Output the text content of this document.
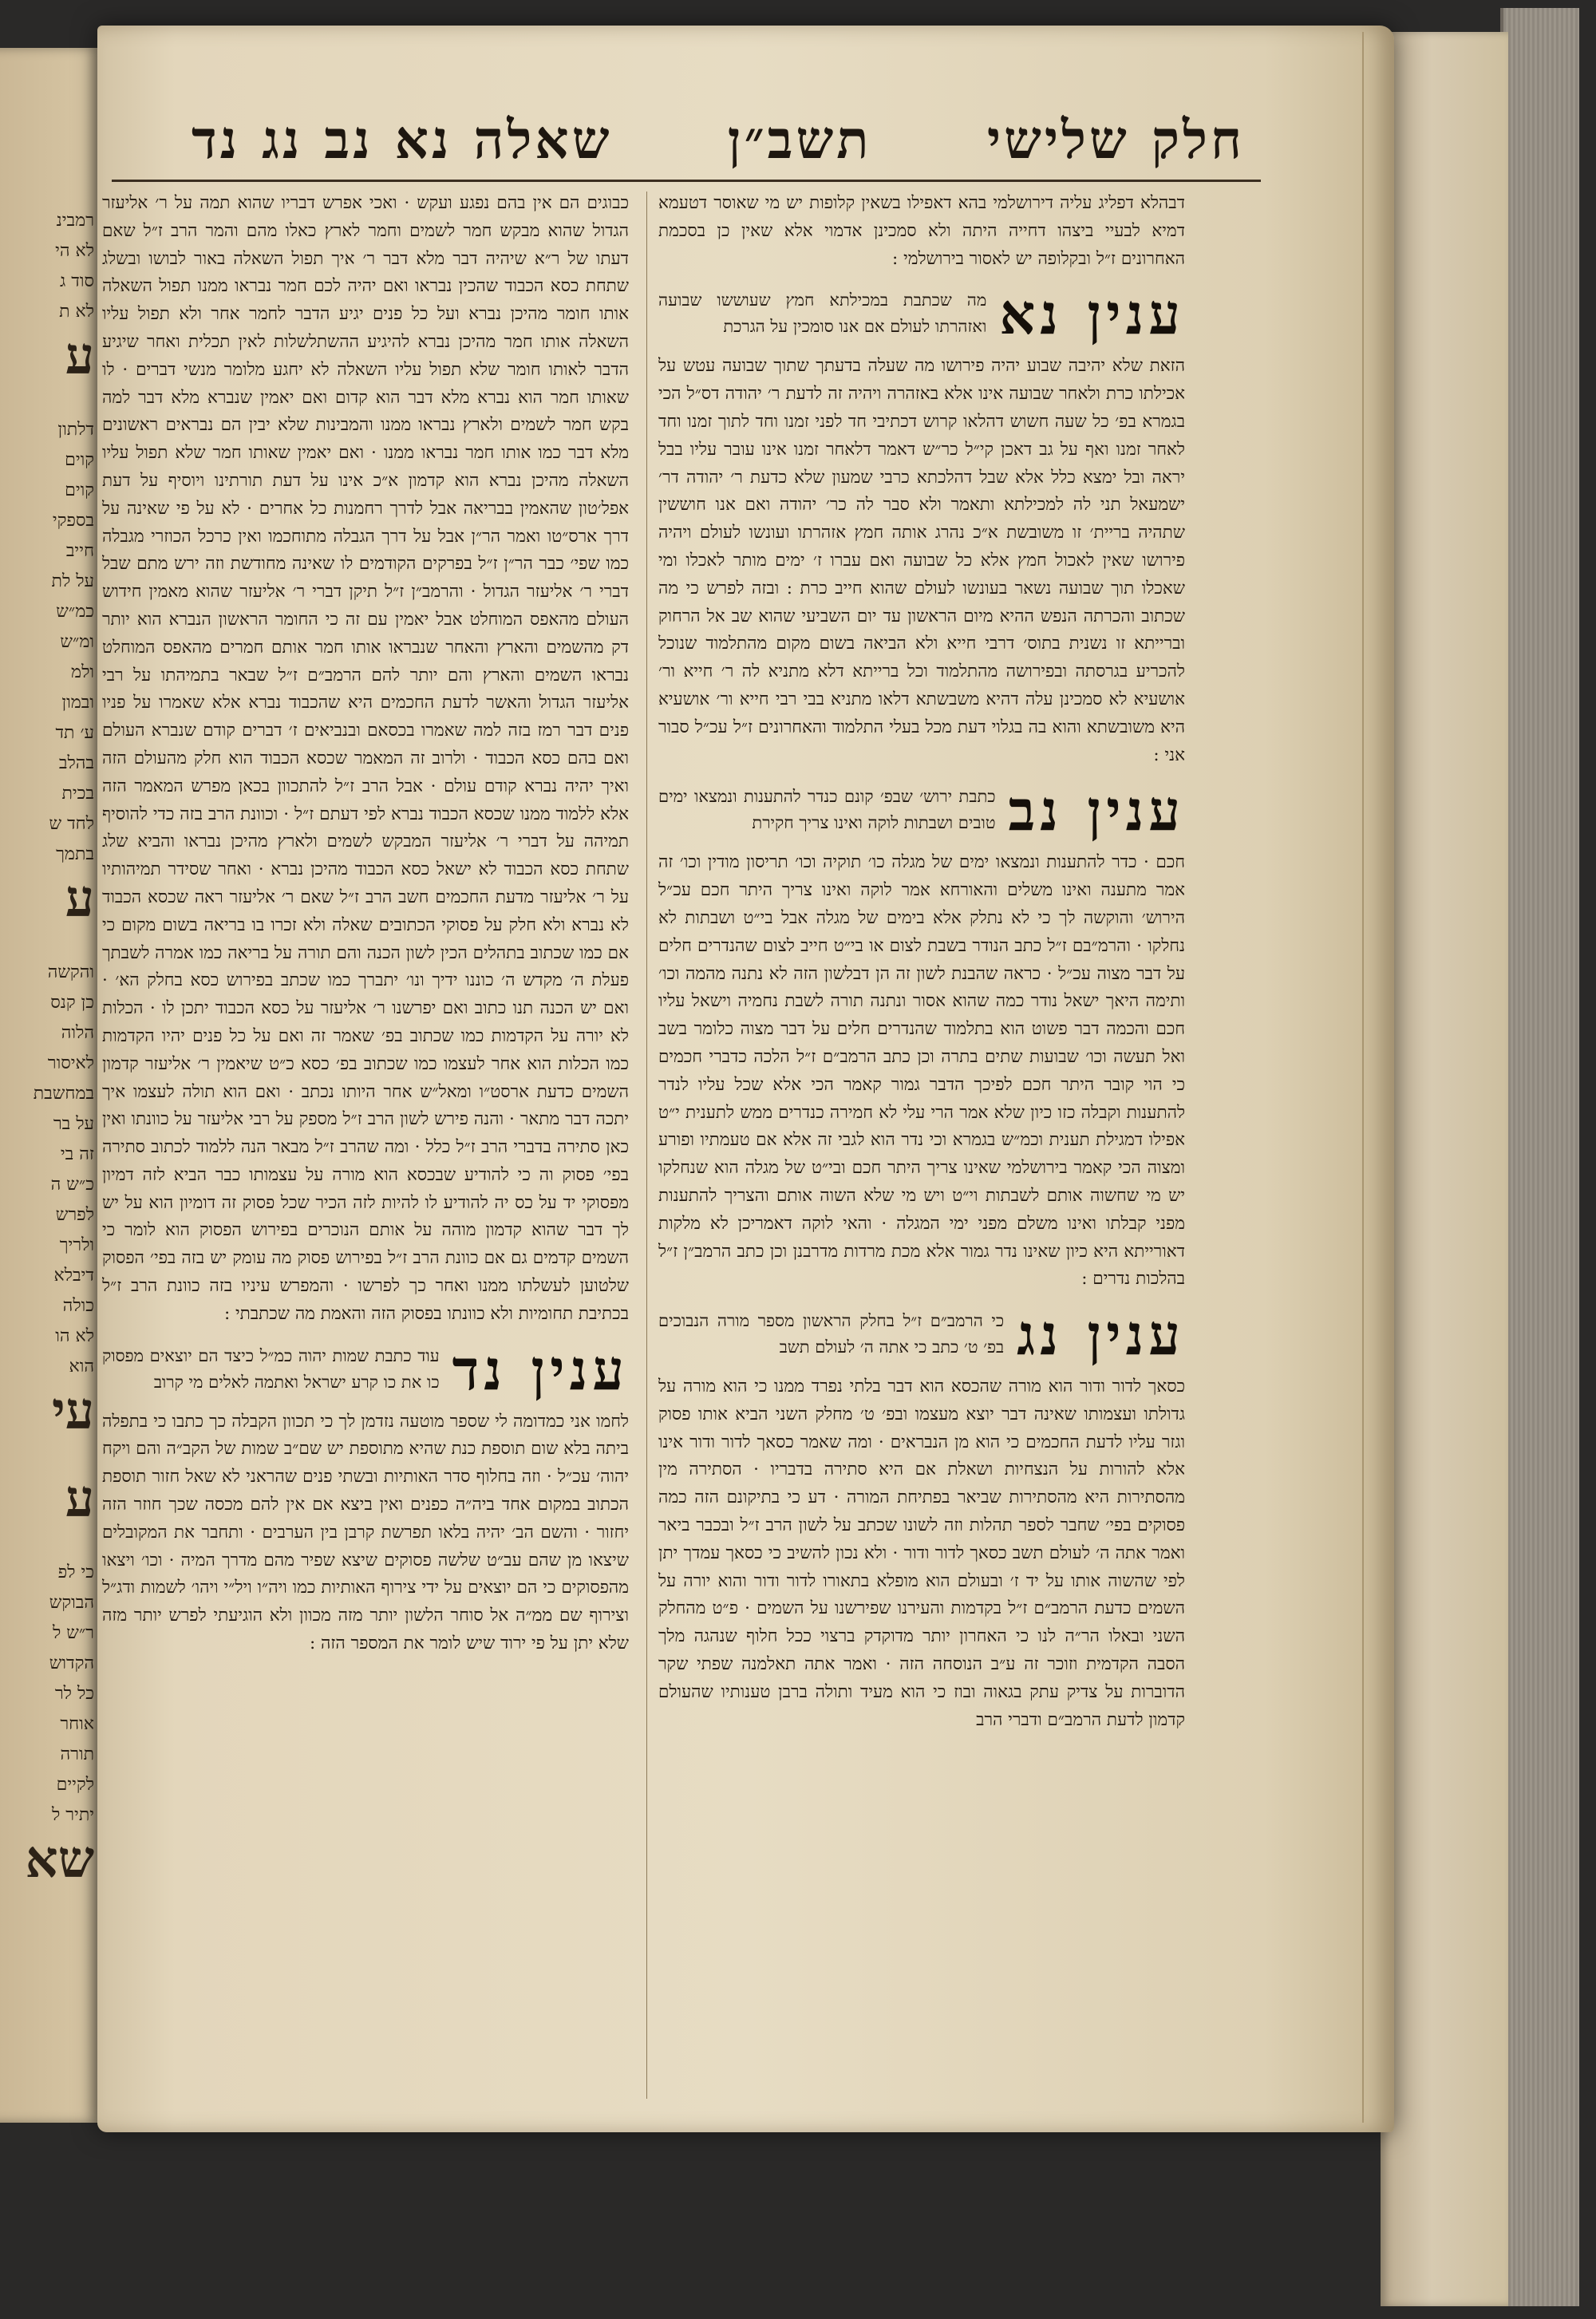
רמבינ
לא הי
סוד ג
לא ת
ע
דלתון
קוים
קוים
בספקי
חייב
על לת
כמ״ש
ומ״ש
ולמ
ובמון
ע׳ תד
בהלב
בכית
לחד ש
בתמך
ע
והקשה
כן קנס
הלוה
לאיסור
במחשבת
על בר
זה בי
כ״ש ה
לפרש
ולריך
דיבלא
כולה
לא הו
הוא
עי
ע
כי לפ
הבוקש
ר״ש ל
הקדוש
כל לר
אוחר
תורה
לקיים
יתיר ל
שא
חלק שלישי
תשב״ן
שאלה נא נב נג נד

דבהלא דפליג עליה דירושלמי בהא דאפילו בשאין קלופות יש מי שאוסר דטעמא דמיא לבעיי ביצהו דחייה היתה ולא סמכינן אדמוי אלא שאין כן בסכמת האחרונים ז״ל ובקלופה יש לאסור בירושלמי :

ענין נא
מה שכתבת במכילתא חמץ שעוששו שבועה ואזהרתו לעולם אם אנו סומכין על הגרכת

הזאת שלא יהיבה שבוע יהיה פירושו מה שעלה בדעתך שתוך שבועה עטש על אכילתו כרת ולאחר שבועה אינו אלא באזהרה ויהיה זה לדעת ר׳ יהודה דס״ל הכי בגמרא בפ׳ כל שעה חשוש דהלאו קרוש דכתיבי חד לפני זמנו וחד לתוך זמנו וחד לאחר זמנו ואף על גב דאכן קי״ל כר״ש דאמר דלאחר זמנו אינו עובר עליו בבל יראה ובל ימצא כלל אלא שבל דהלכתא כרבי שמעון שלא כדעת ר׳ יהודה דר׳ ישמעאל תני לה למכילתא ותאמר ולא סבר לה כר׳ יהודה ואם אנו חוששין שתהיה בריית׳ זו משובשת א״כ נהרג אותה חמץ אזהרתו ועונשו לעולם ויהיה פירושו שאין לאכול חמץ אלא כל שבועה ואם עברו ז׳ ימים מותר לאכלו ומי שאכלו תוך שבועה נשאר בעונשו לעולם שהוא חייב כרת : ובזה לפרש כי מה שכתוב והכרתה הנפש ההיא מיום הראשון עד יום השביעי שהוא שב אל הרחוק וברייתא זו נשנית בתוס׳ דרבי חייא ולא הביאה בשום מקום מהתלמוד שנוכל להכריע בגרסתה ובפירושה מהתלמוד וכל ברייתא דלא מתניא לה ר׳ חייא ור׳ אושעיא לא סמכינן עלה דהיא משבשתא דלאו מתניא בבי רבי חייא ור׳ אושעיא היא משובשתא והוא בה בגלוי דעת מכל בעלי התלמוד והאחרונים ז״ל עכ״ל סבור אני :

ענין נב
כתבת ירוש׳ שבפ׳ קונם כנדר להתענות ונמצאו ימים טובים ושבתות לוקה ואינו צריך חקירת

חכם · כדר להתענות ונמצאו ימים של מגלה כו׳ תוקיה וכו׳ תריסון מודין וכו׳ זה אמר מתענה ואינו משלים והאורחא אמר לוקה ואינו צריך היתר חכם עכ״ל הירוש׳ והוקשה לך כי לא נתלק אלא בימים של מגלה אבל בי״ט ושבתות לא נחלקו · והרמ״בם ז״ל כתב הנודר בשבת לצום או בי״ט חייב לצום שהנדרים חלים על דבר מצוה עכ״ל · כראה שהבנת לשון זה הן דבלשון הזה לא נתנה מהמה וכו׳ ותימה היאך ישאל נודר כמה שהוא אסור ונתנה תורה לשבת נחמיה וישאל עליו חכם והכמה דבר פשוט הוא בתלמוד שהנדרים חלים על דבר מצוה כלומר בשב ואל תעשה וכו׳ שבועות שתים בתרה וכן כתב הרמב״ם ז״ל הלכה כדברי חכמים כי הוי קובר היתר חכם לפיכך הדבר גמור קאמר הכי אלא שכל עליו לנדר להתענות וקבלה כזו כיון שלא אמר הרי עלי לא חמירה כנדרים ממש לתענית י״ט אפילו דמגילת תענית וכמ״ש בגמרא וכי נדר הוא לגבי זה אלא אם טעמתיו ופורע ומצוה הכי קאמר בירושלמי שאינו צריך היתר חכם ובי״ט של מגלה הוא שנחלקו יש מי שחשוה אותם לשבתות וי״ט ויש מי שלא השוה אותם והצריך להתענות מפני קבלתו ואינו משלם מפני ימי המגלה · והאי לוקה דאמריכן לא מלקות דאורייתא היא כיון שאינו נדר גמור אלא מכת מרדות מדרבנן וכן כתב הרמב״ן ז״ל בהלכות נדרים :

ענין נג
כי הרמב״ם ז״ל בחלק הראשון מספר מורה הנבוכים בפ׳ ט׳ כתב כי אתה ה׳ לעולם תשב

כסאך לדור ודור הוא מורה שהכסא הוא דבר בלתי נפרד ממנו כי הוא מורה על גדולתו ועצמותו שאינה דבר יוצא מעצמו ובפ׳ ט׳ מחלק השני הביא אותו פסוק וגזר עליו לדעת החכמים כי הוא מן הנבראים · ומה שאמר כסאך לדור ודור אינו אלא להורות על הנצחיות ושאלת אם היא סתירה בדבריו · הסתירה מין מהסתירות היא מהסתירות שביאר בפתיחת המורה · דע כי בתיקונם הזה כמה פסוקים בפי׳ שחבר לספר תהלות וזה לשונו שכתב על לשון הרב ז״ל ובכבר ביאר ואמר אתה ה׳ לעולם תשב כסאך לדור ודור · ולא נכון להשיב כי כסאך עמדך יתן לפי שהשוה אותו על יד ז׳ ובעולם הוא מופלא בתאורו לדור ודור והוא יורה על השמים כדעת הרמב״ם ז״ל בקדמות והעירנו שפירשנו על השמים · פ״ט מהחלק השני ובאלו הר״ה לנו כי האחרון יותר מדוקדק ברצוי ככל חלוף שנהגה מלך הסבה הקדמית וזוכר זה ע״ב הנוסחה הזה · ואמר אתה תאלמנה שפתי שקר הדוברות על צדיק עתק בגאוה ובוז כי הוא מעיד ותולה ברבן טענותיו שהעולם קדמון לדעת הרמב״ם ודברי הרב

כבוגים הם אין בהם נפגע ועקש · ואכי אפרש דבריו שהוא תמה על ר׳ אליעזר הגדול שהוא מבקש חמר לשמים וחמר לארץ כאלו מהם והמר הרב ז״ל שאם דעתו של ר״א שיהיה דבר מלא דבר ר׳ איך תפול השאלה באור לבושו ובשלג שתחת כסא הכבוד שהכין נבראו ואם יהיה לכם חמר נבראו ממנו תפול השאלה אותו חומר מהיכן נברא ועל כל פנים יגיע הדבר לחמר אחר ולא תפול עליו השאלה אותו חמר מהיכן נברא להיגיע ההשתלשלות לאין תכלית ואחר שיגיע הדבר לאותו חומר שלא תפול עליו השאלה לא יחגע מלומר מנשי דברים · לו שאותו חמר הוא נברא מלא דבר הוא קדום ואם יאמין שנברא מלא דבר למה בקש חמר לשמים ולארץ נבראו ממנו והמבינות שלא יבין הם נבראים ראשונים מלא דבר כמו אותו חמר נבראו ממנו · ואם יאמין שאותו חמר שלא תפול עליו השאלה מהיכן נברא הוא קדמון א״כ אינו על דעת תורתינו ויוסיף על דעת אפל׳טון שהאמין בבריאה אבל לדרך רחמנות כל אחרים · לא על פי שאינה על דרך ארס״טו ואמר הר״ן אבל על דרך הגבלה מתוחכמו ואין כרכל הכוזרי מגבלה כמו שפי׳ כבר הר״ן ז״ל בפרקים הקודמים לו שאינה מחודשת וזה ירש מתם שבל דברי ר׳ אליעזר הגדול · והרמב״ן ז״ל תיקן דברי ר׳ אליעזר שהוא מאמין חידוש העולם מהאפס המוחלט אבל יאמין עם זה כי החומר הראשון הנברא הוא יותר דק מהשמים והארץ והאחר שנבראו אותו חמר אותם חמרים מהאפס המוחלט נבראו השמים והארץ והם יותר להם הרמב״ם ז״ל שבאר בתמיהתו על רבי אליעזר הגדול והאשר לדעת החכמים היא שהכבוד נברא אלא שאמרו על פניו פנים דבר רמז בזה למה שאמרו בכסאם ובנביאים ז׳ דברים קודם שנברא העולם ואם בהם כסא הכבוד · ולרוב זה המאמר שכסא הכבוד הוא חלק מהעולם הזה ואיך יהיה נברא קודם עולם · אבל הרב ז״ל להתכוון בכאן מפרש המאמר הזה אלא ללמוד ממנו שכסא הכבוד נברא לפי דעתם ז״ל · וכוונת הרב בזה כדי להוסיף תמיהה על דברי ר׳ אליעזר המבקש לשמים ולארץ מהיכן נבראו והביא שלג שתחת כסא הכבוד לא ישאל כסא הכבוד מהיכן נברא · ואחר שסידר תמיהותיו על ר׳ אליעזר מדעת החכמים חשב הרב ז״ל שאם ר׳ אליעזר ראה שכסא הכבוד לא נברא ולא חלק על פסוקי הכתובים שאלה ולא זכרו בו בריאה בשום מקום כי אם כמו שכתוב בתהלים הכין לשון הכנה והם תורה על בריאה כמו אמרה לשבתך פעלת ה׳ מקדש ה׳ כוננו ידיך ונו׳ יתברך כמו שכתב בפירוש כסא בחלק הא׳ · ואם יש הכנה תנו כתוב ואם יפרשנו ר׳ אליעזר על כסא הכבוד יתכן לו · הכלות לא יורה על הקדמות כמו שכתוב בפ׳ שאמר זה ואם על כל פנים יהיו הקדמות כמו הכלות הוא אחר לעצמו כמו שכתוב בפ׳ כסא כ״ט שיאמין ר׳ אליעזר קדמון השמים כדעת ארסט״ו ומאל״ש אחר היותו נכתב · ואם הוא תולה לעצמו איך יתכה דבר מתאר · והנה פירש לשון הרב ז״ל מספק על רבי אליעזר על כוונתו ואין כאן סתירה בדברי הרב ז״ל כלל · ומה שהרב ז״ל מבאר הנה ללמוד לכתוב סתירה בפי׳ פסוק וה כי להודיע שבכסא הוא מורה על עצמותו כבר הביא לזה דמיון מפסוקי יד על כס יה להודיע לו להיות לזה הכיר שכל פסוק זה דומיון הוא על יש לך דבר שהוא קדמון מוהה על אותם הנוכרים בפירוש הפסוק הוא לומר כי השמים קדמים גם אם כוונת הרב ז״ל בפירוש פסוק מה עומק יש בזה בפי׳ הפסוק שלטוען לעשלתו ממנו ואחר כך לפרשו · והמפרש עיניו בזה כוונת הרב ז״ל בכתיבת תחומיות ולא כוונתו בפסוק הזה והאמת מה שכתבתי :

ענין נד
עוד כתבת שמות יהוה כמ״ל כיצד הם יוצאים מפסוק כו את כו קרע ישראל ואתמה לאלים מי קרוב

לחמו אני כמדומה לי שספר מוטעה נזדמן לך כי תכוון הקבלה כך כתבו כי בתפלה ביתה בלא שום תוספת כנת שהיא מתוספת יש שם״ב שמות של הקב״ה והם ויקח יהוה׳ עכ״ל · וזה בחלוף סדר האותיות ובשתי פנים שהראני לא שאל חזור תוספת הכתוב במקום אחד ביה״ה כפנים ואין ביצא אם אין להם מכסה שכך חוזר הזה יחזור · והשם הב׳ יהיה בלאו תפרשת קרבן בין הערבים · ותחבר את המקובלים שיצאו מן שהם עב״ט שלשה פסוקים שיצא שפיר מהם מדרך המיה · וכו׳ ויצאו מהפסוקים כי הם יוצאים על ידי צירוף האותיות כמו ויה״ו ויל״י ויהו׳ לשמות ודג״ל וצירוף שם ממ״ה אל סוחר הלשון יותר מזה מכוון ולא הוגיעתי לפרש יותר מזה שלא יתן על פי ירוד שיש לומר את המספר הזה :
